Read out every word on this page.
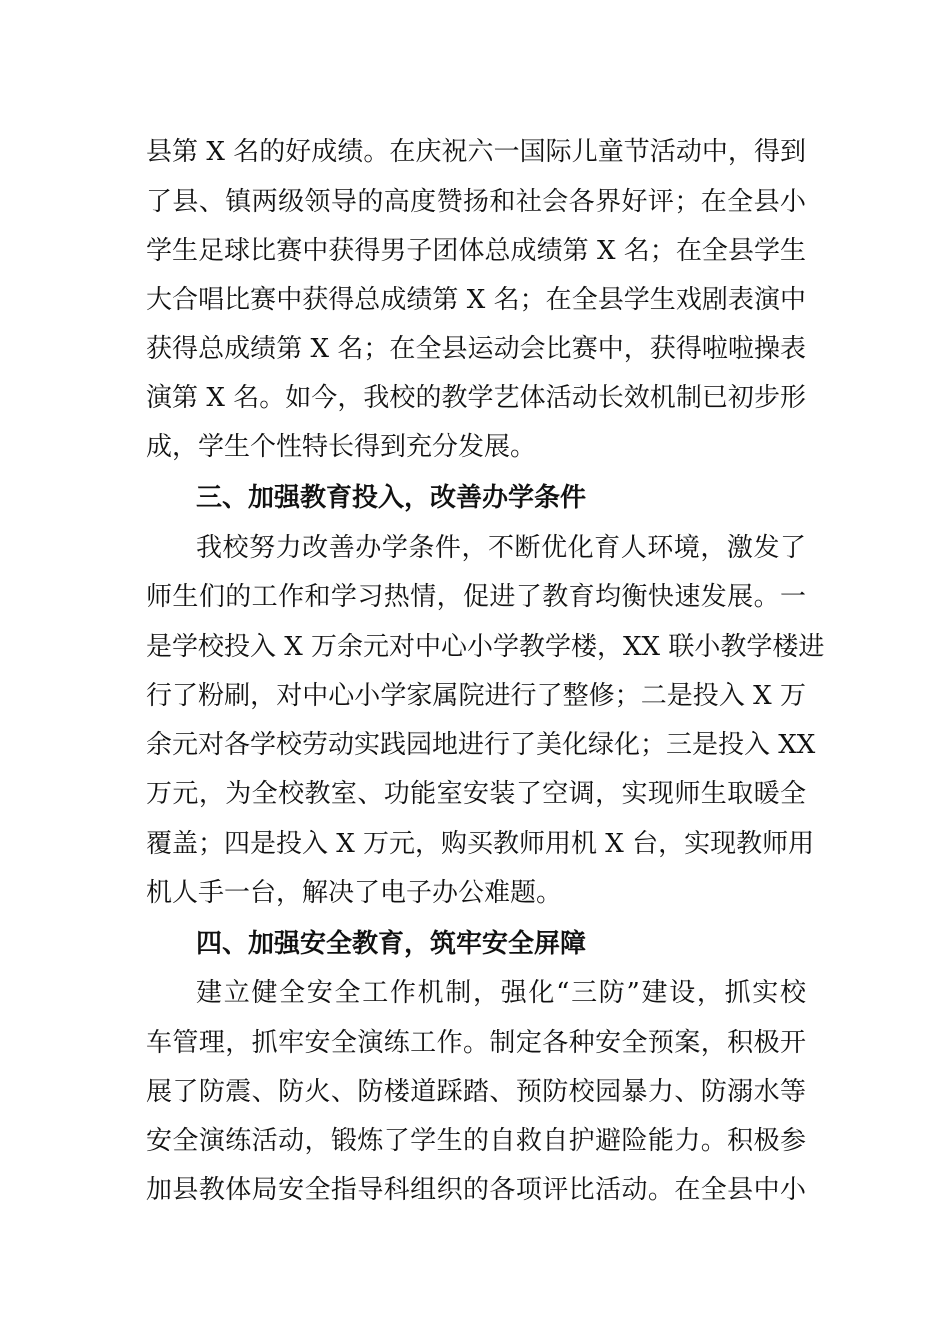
县第 X 名的好成绩。在庆祝六一国际儿童节活动中，得到
了县、镇两级领导的高度赞扬和社会各界好评；在全县小
学生足球比赛中获得男子团体总成绩第 X 名；在全县学生
大合唱比赛中获得总成绩第 X 名；在全县学生戏剧表演中
获得总成绩第 X 名；在全县运动会比赛中，获得啦啦操表
演第 X 名。如今，我校的教学艺体活动长效机制已初步形
成，学生个性特长得到充分发展。
三、加强教育投入，改善办学条件
我校努力改善办学条件，不断优化育人环境，激发了
师生们的工作和学习热情，促进了教育均衡快速发展。一
是学校投入 X 万余元对中心小学教学楼，XX 联小教学楼进
行了粉刷，对中心小学家属院进行了整修；二是投入 X 万
余元对各学校劳动实践园地进行了美化绿化；三是投入 XX
万元，为全校教室、功能室安装了空调，实现师生取暖全
覆盖；四是投入 X 万元，购买教师用机 X 台，实现教师用
机人手一台，解决了电子办公难题。
四、加强安全教育，筑牢安全屏障
建立健全安全工作机制，强化“三防”建设，抓实校
车管理，抓牢安全演练工作。制定各种安全预案，积极开
展了防震、防火、防楼道踩踏、预防校园暴力、防溺水等
安全演练活动，锻炼了学生的自救自护避险能力。积极参
加县教体局安全指导科组织的各项评比活动。在全县中小
